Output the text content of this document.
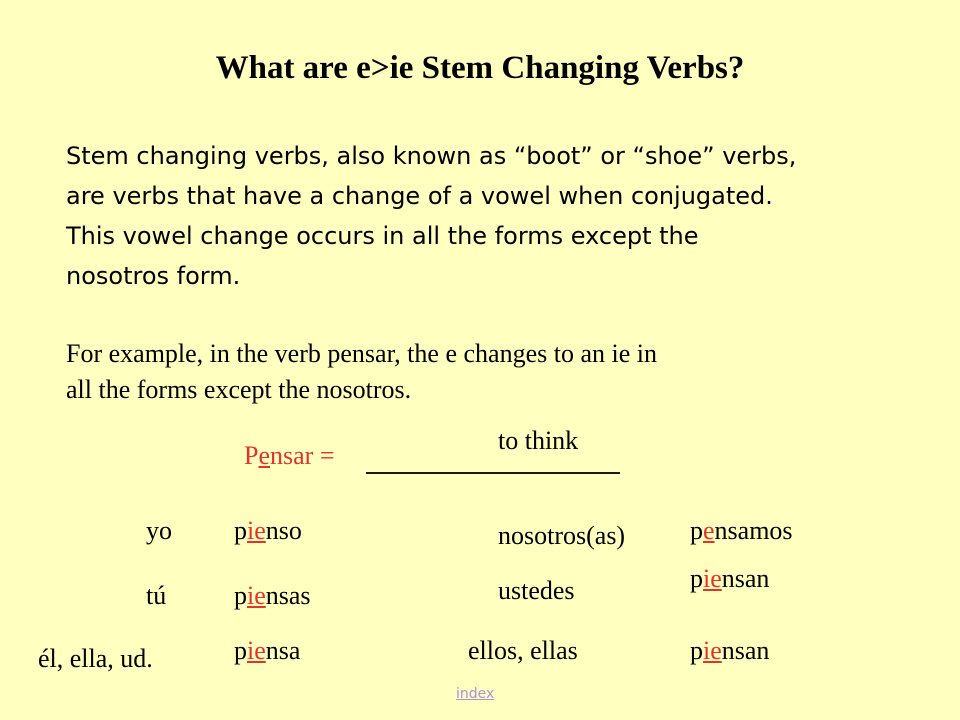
What are e>ie Stem Changing Verbs?
Stem changing verbs, also known as “boot” or “shoe” verbs,
are verbs that have a change of a vowel when conjugated.
This vowel change occurs in all the forms except the
nosotros form.
For example, in the verb pensar, the e changes to an ie in
all the forms except the nosotros.
Pensar =
to think
yo
tú
él, ella, ud.
pienso
piensas
piensa
nosotros(as)
ustedes
ellos, ellas
pensamos
piensan
piensan
index
